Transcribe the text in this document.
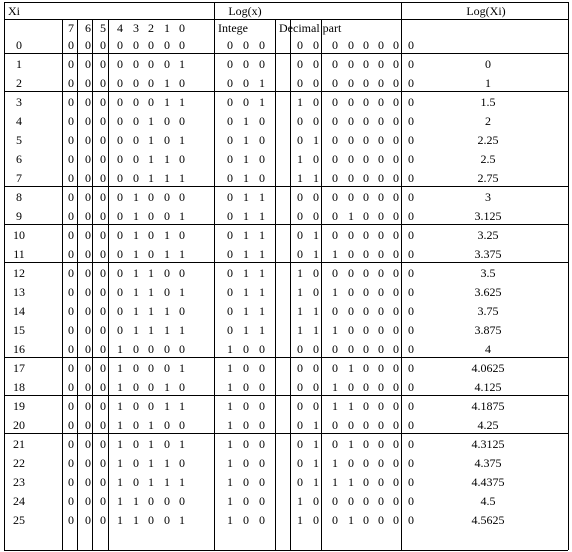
Xi	Log(x)	Log(Xi)
7 6 5 4 3 2 1 0	Intege	Decimal part
0	0 0 0 0 0 0 0 0	0 0 0	0 0 0 0 0 0 0 0
1	0 0 0 0 0 0 0 1	0 0 0	0 0 0 0 0 0 0 0	0
2	0 0 0 0 0 0 1 0	0 0 1	0 0 0 0 0 0 0 0	1
3	0 0 0 0 0 0 1 1	0 0 1	1 0 0 0 0 0 0 0	1.5
4	0 0 0 0 0 1 0 0	0 1 0	0 0 0 0 0 0 0 0	2
5	0 0 0 0 0 1 0 1	0 1 0	0 1 0 0 0 0 0 0	2.25
6	0 0 0 0 0 1 1 0	0 1 0	1 0 0 0 0 0 0 0	2.5
7	0 0 0 0 0 1 1 1	0 1 0	1 1 0 0 0 0 0 0	2.75
8	0 0 0 0 1 0 0 0	0 1 1	0 0 0 0 0 0 0 0	3
9	0 0 0 0 1 0 0 1	0 1 1	0 0 0 1 0 0 0 0	3.125
10	0 0 0 0 1 0 1 0	0 1 1	0 1 0 0 0 0 0 0	3.25
11	0 0 0 0 1 0 1 1	0 1 1	0 1 1 0 0 0 0 0	3.375
12	0 0 0 0 1 1 0 0	0 1 1	1 0 0 0 0 0 0 0	3.5
13	0 0 0 0 1 1 0 1	0 1 1	1 0 1 0 0 0 0 0	3.625
14	0 0 0 0 1 1 1 0	0 1 1	1 1 0 0 0 0 0 0	3.75
15	0 0 0 0 1 1 1 1	0 1 1	1 1 1 0 0 0 0 0	3.875
16	0 0 0 1 0 0 0 0	1 0 0	0 0 0 0 0 0 0 0	4
17	0 0 0 1 0 0 0 1	1 0 0	0 0 0 1 0 0 0 0	4.0625
18	0 0 0 1 0 0 1 0	1 0 0	0 0 1 0 0 0 0 0	4.125
19	0 0 0 1 0 0 1 1	1 0 0	0 0 1 1 0 0 0 0	4.1875
20	0 0 0 1 0 1 0 0	1 0 0	0 1 0 0 0 0 0 0	4.25
21	0 0 0 1 0 1 0 1	1 0 0	0 1 0 1 0 0 0 0	4.3125
22	0 0 0 1 0 1 1 0	1 0 0	0 1 1 0 0 0 0 0	4.375
23	0 0 0 1 0 1 1 1	1 0 0	0 1 1 1 0 0 0 0	4.4375
24	0 0 0 1 1 0 0 0	1 0 0	1 0 0 0 0 0 0 0	4.5
25	0 0 0 1 1 0 0 1	1 0 0	1 0 0 1 0 0 0 0	4.5625
